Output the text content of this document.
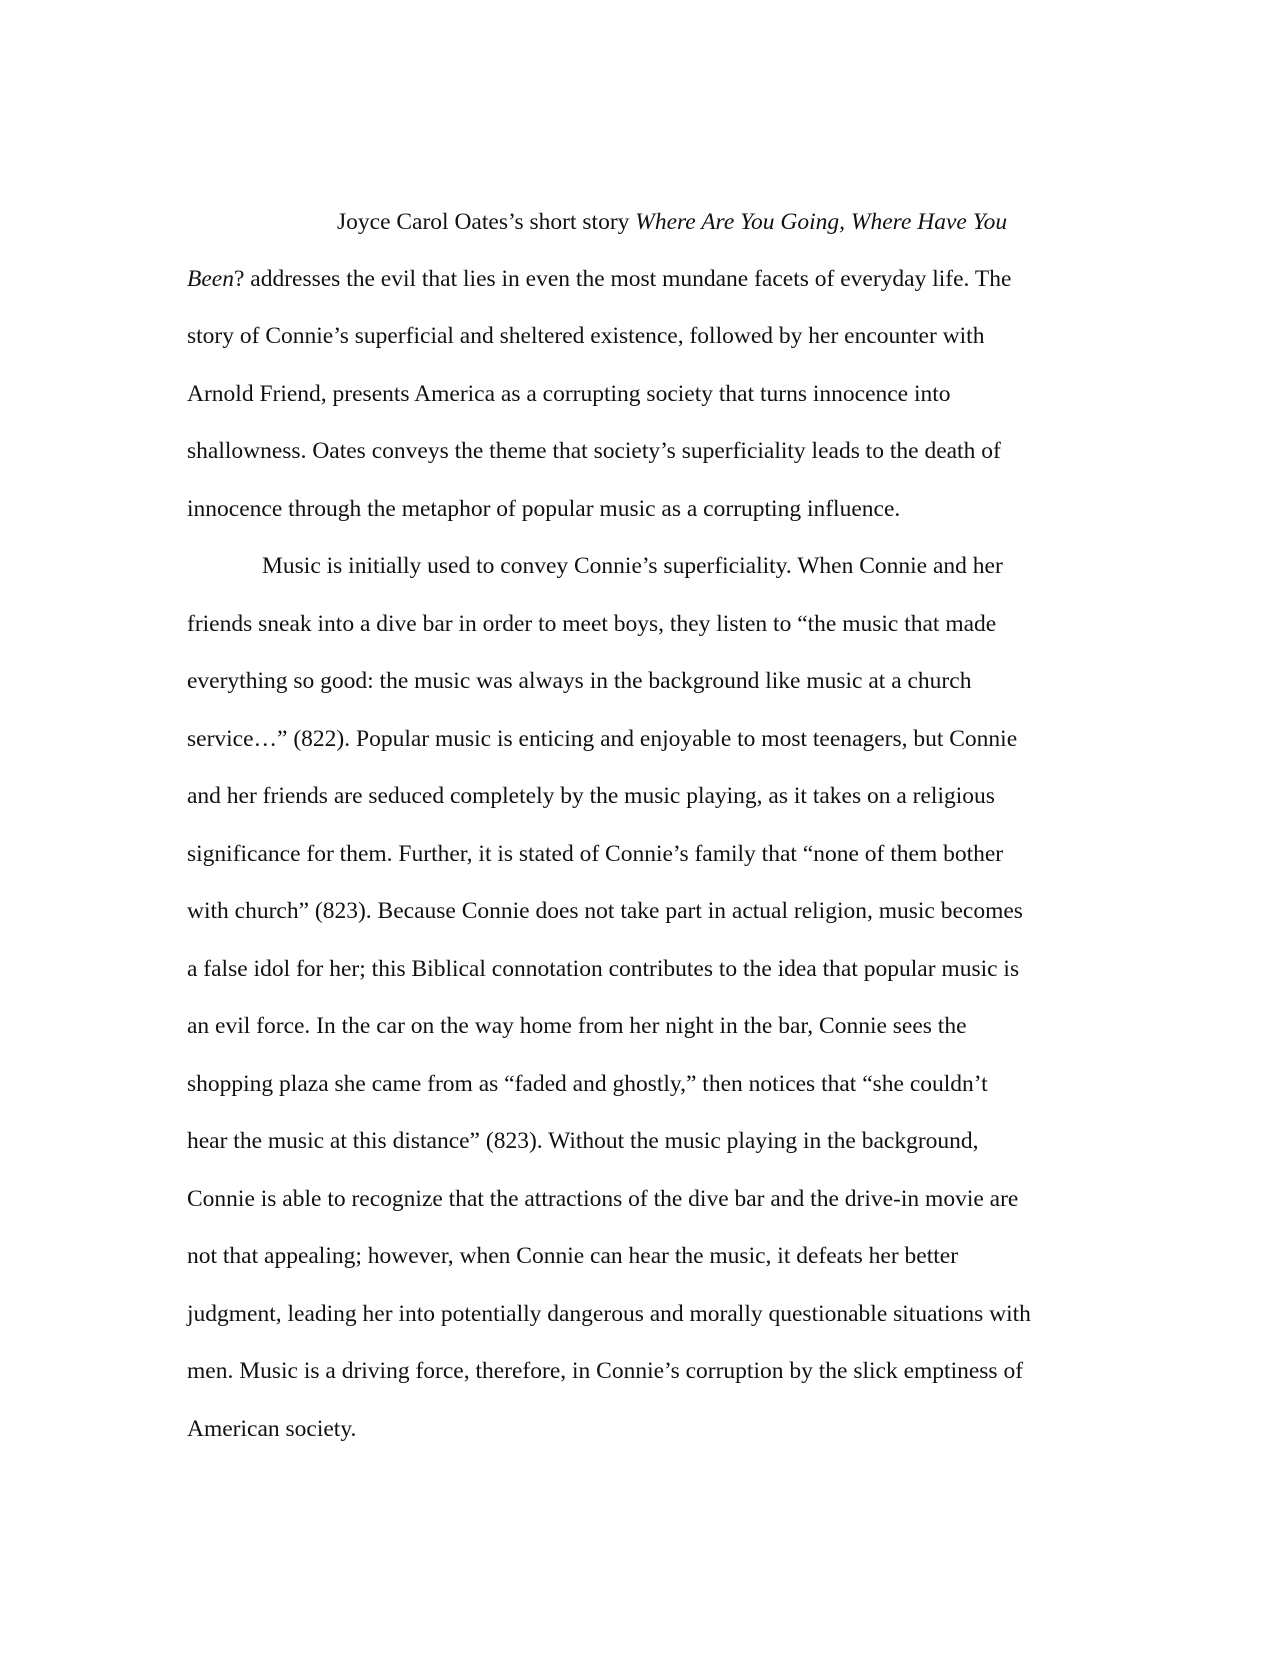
Joyce Carol Oates’s short story Where Are You Going, Where Have You

Been? addresses the evil that lies in even the most mundane facets of everyday life. The

story of Connie’s superficial and sheltered existence, followed by her encounter with

Arnold Friend, presents America as a corrupting society that turns innocence into

shallowness. Oates conveys the theme that society’s superficiality leads to the death of

innocence through the metaphor of popular music as a corrupting influence.

Music is initially used to convey Connie’s superficiality. When Connie and her

friends sneak into a dive bar in order to meet boys, they listen to “the music that made

everything so good: the music was always in the background like music at a church

service…” (822). Popular music is enticing and enjoyable to most teenagers, but Connie

and her friends are seduced completely by the music playing, as it takes on a religious

significance for them. Further, it is stated of Connie’s family that “none of them bother

with church” (823). Because Connie does not take part in actual religion, music becomes

a false idol for her; this Biblical connotation contributes to the idea that popular music is

an evil force. In the car on the way home from her night in the bar, Connie sees the

shopping plaza she came from as “faded and ghostly,” then notices that “she couldn’t

hear the music at this distance” (823). Without the music playing in the background,

Connie is able to recognize that the attractions of the dive bar and the drive-in movie are

not that appealing; however, when Connie can hear the music, it defeats her better

judgment, leading her into potentially dangerous and morally questionable situations with

men. Music is a driving force, therefore, in Connie’s corruption by the slick emptiness of

American society.
